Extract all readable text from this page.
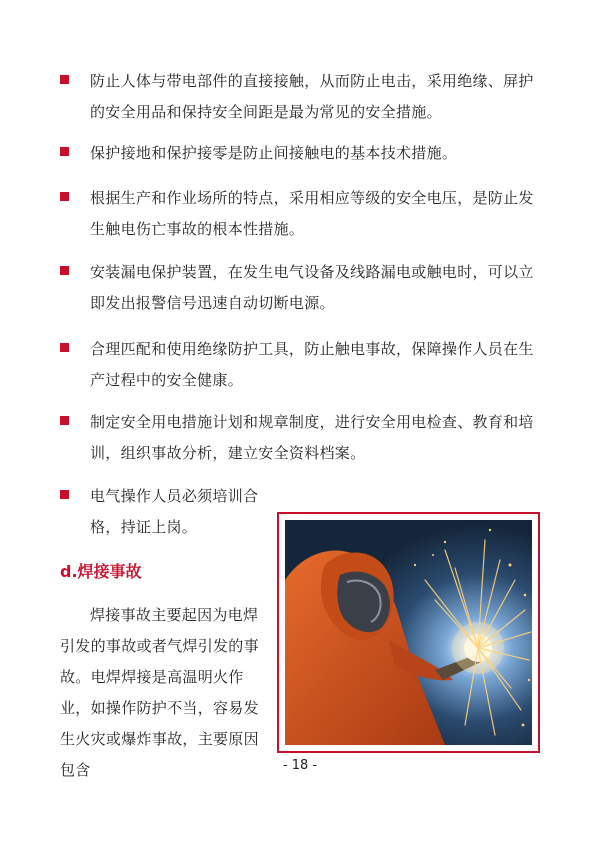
防止人体与带电部件的直接接触，从而防止电击，采用绝缘、屏护的安全用品和保持安全间距是最为常见的安全措施。

保护接地和保护接零是防止间接触电的基本技术措施。

根据生产和作业场所的特点，采用相应等级的安全电压，是防止发生触电伤亡事故的根本性措施。

安装漏电保护装置，在发生电气设备及线路漏电或触电时，可以立即发出报警信号迅速自动切断电源。

合理匹配和使用绝缘防护工具，防止触电事故，保障操作人员在生产过程中的安全健康。

制定安全用电措施计划和规章制度，进行安全用电检查、教育和培训，组织事故分析，建立安全资料档案。

电气操作人员必须培训合格，持证上岗。

d.焊接事故

焊接事故主要起因为电焊引发的事故或者气焊引发的事故。电焊焊接是高温明火作业，如操作防护不当，容易发生火灾或爆炸事故，主要原因包含	- 18 -
